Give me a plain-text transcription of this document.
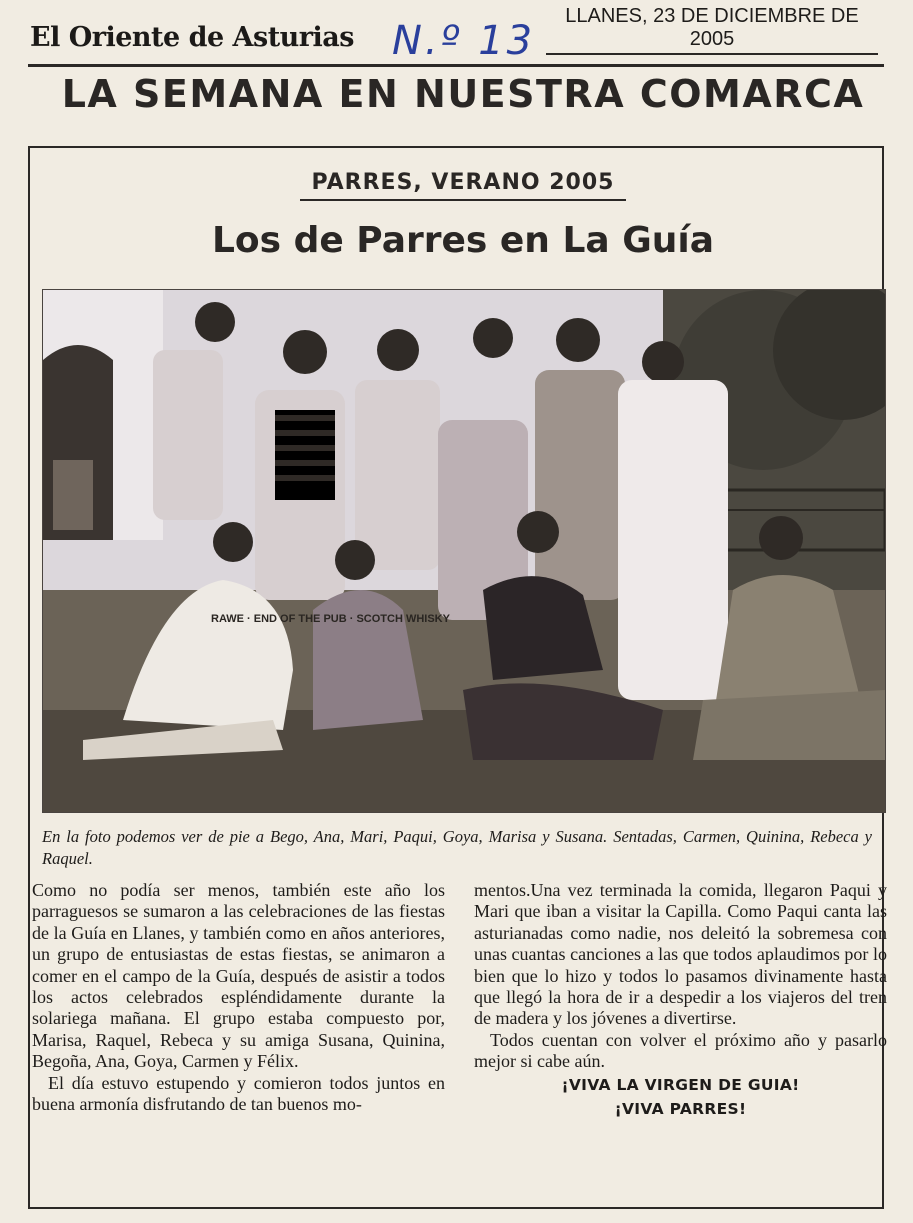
El Oriente de Asturias N.º 13
LLANES, 23 DE DICIEMBRE DE 2005
LA SEMANA EN NUESTRA COMARCA
PARRES, VERANO 2005
Los de Parres en La Guía
RAWE · END OF THE PUB · SCOTCH WHISKY
En la foto podemos ver de pie a Bego, Ana, Mari, Paqui, Goya, Marisa y Susana. Sentadas, Carmen, Quinina, Rebeca y Raquel.

Como no podía ser menos, también este año los parraguesos se sumaron a las celebraciones de las fiestas de la Guía en Llanes, y también como en años anteriores, un grupo de entusiastas de estas fiestas, se animaron a comer en el campo de la Guía, después de asistir a todos los actos celebrados espléndidamente durante la solariega mañana. El grupo estaba compuesto por, Marisa, Raquel, Rebeca y su amiga Susana, Quinina, Begoña, Ana, Goya, Carmen y Félix.

El día estuvo estupendo y comieron todos juntos en buena armonía disfrutando de tan buenos mo-

mentos.Una vez terminada la comida, llegaron Paqui y Mari que iban a visitar la Capilla. Como Paqui canta las asturianadas como nadie, nos deleitó la sobremesa con unas cuantas canciones a las que todos aplaudimos por lo bien que lo hizo y todos lo pasamos divinamente hasta que llegó la hora de ir a despedir a los viajeros del tren de madera y los jóvenes a divertirse.

Todos cuentan con volver el próximo año y pasarlo mejor si cabe aún.

¡VIVA LA VIRGEN DE GUIA!
¡VIVA PARRES!
